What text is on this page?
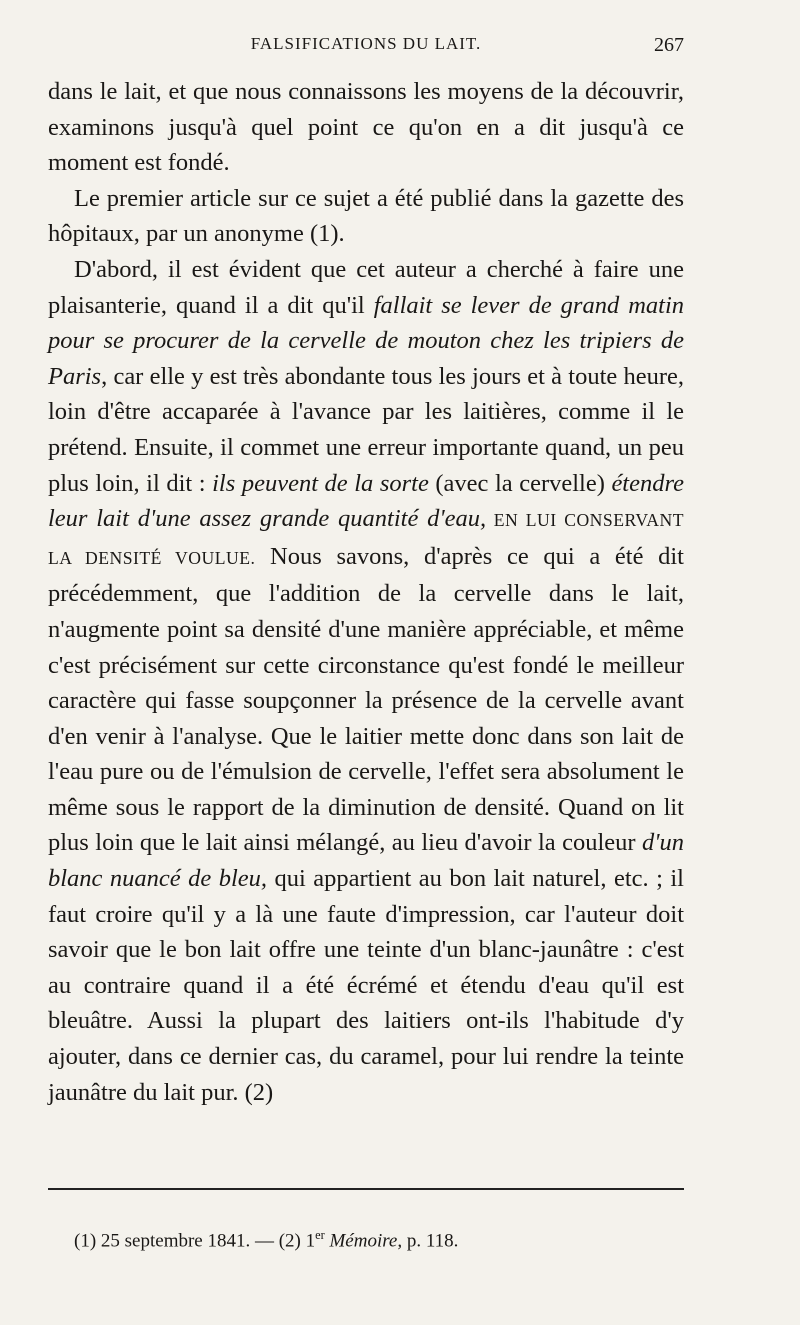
FALSIFICATIONS DU LAIT.	267

dans le lait, et que nous connaissons les moyens de la découvrir, examinons jusqu'à quel point ce qu'on en a dit jusqu'à ce moment est fondé.

Le premier article sur ce sujet a été publié dans la gazette des hôpitaux, par un anonyme (1).

D'abord, il est évident que cet auteur a cherché à faire une plaisanterie, quand il a dit qu'il fallait se lever de grand matin pour se procurer de la cervelle de mouton chez les tripiers de Paris, car elle y est très abondante tous les jours et à toute heure, loin d'être accaparée à l'avance par les laitières, comme il le prétend. Ensuite, il commet une erreur importante quand, un peu plus loin, il dit : ils peuvent de la sorte (avec la cervelle) étendre leur lait d'une assez grande quantité d'eau, EN LUI CONSERVANT LA DENSITÉ VOULUE. Nous savons, d'après ce qui a été dit précédemment, que l'addition de la cervelle dans le lait, n'augmente point sa densité d'une manière appréciable, et même c'est précisément sur cette circonstance qu'est fondé le meilleur caractère qui fasse soupçonner la présence de la cervelle avant d'en venir à l'analyse. Que le laitier mette donc dans son lait de l'eau pure ou de l'émulsion de cervelle, l'effet sera absolument le même sous le rapport de la diminution de densité. Quand on lit plus loin que le lait ainsi mélangé, au lieu d'avoir la couleur d'un blanc nuancé de bleu, qui appartient au bon lait naturel, etc. ; il faut croire qu'il y a là une faute d'impression, car l'auteur doit savoir que le bon lait offre une teinte d'un blanc-jaunâtre : c'est au contraire quand il a été écrémé et étendu d'eau qu'il est bleuâtre. Aussi la plupart des laitiers ont-ils l'habitude d'y ajouter, dans ce dernier cas, du caramel, pour lui rendre la teinte jaunâtre du lait pur. (2)

(1) 25 septembre 1841. — (2) 1er Mémoire, p. 118.
